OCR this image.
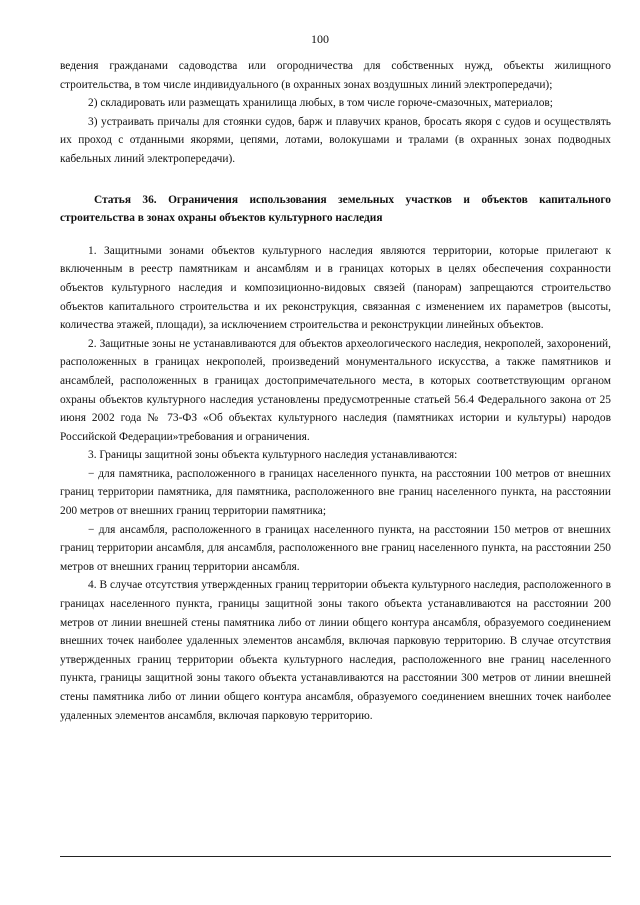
100

ведения гражданами садоводства или огородничества для собственных нужд, объекты жилищного строительства, в том числе индивидуального (в охранных зонах воздушных линий электропередачи);

2) складировать или размещать хранилища любых, в том числе горюче-смазочных, материалов;

3) устраивать причалы для стоянки судов, барж и плавучих кранов, бросать якоря с судов и осуществлять их проход с отданными якорями, цепями, лотами, волокушами и тралами (в охранных зонах подводных кабельных линий электропередачи).

Статья 36. Ограничения использования земельных участков и объектов капитального строительства в зонах охраны объектов культурного наследия

1. Защитными зонами объектов культурного наследия являются территории, которые прилегают к включенным в реестр памятникам и ансамблям и в границах которых в целях обеспечения сохранности объектов культурного наследия и композиционно-видовых связей (панорам) запрещаются строительство объектов капитального строительства и их реконструкция, связанная с изменением их параметров (высоты, количества этажей, площади), за исключением строительства и реконструкции линейных объектов.

2. Защитные зоны не устанавливаются для объектов археологического наследия, некрополей, захоронений, расположенных в границах некрополей, произведений монументального искусства, а также памятников и ансамблей, расположенных в границах достопримечательного места, в которых соответствующим органом охраны объектов культурного наследия установлены предусмотренные статьей 56.4 Федерального закона от 25 июня 2002 года № 73-ФЗ «Об объектах культурного наследия (памятниках истории и культуры) народов Российской Федерации»требования и ограничения.

3. Границы защитной зоны объекта культурного наследия устанавливаются:

− для памятника, расположенного в границах населенного пункта, на расстоянии 100 метров от внешних границ территории памятника, для памятника, расположенного вне границ населенного пункта, на расстоянии 200 метров от внешних границ территории памятника;

− для ансамбля, расположенного в границах населенного пункта, на расстоянии 150 метров от внешних границ территории ансамбля, для ансамбля, расположенного вне границ населенного пункта, на расстоянии 250 метров от внешних границ территории ансамбля.

4. В случае отсутствия утвержденных границ территории объекта культурного наследия, расположенного в границах населенного пункта, границы защитной зоны такого объекта устанавливаются на расстоянии 200 метров от линии внешней стены памятника либо от линии общего контура ансамбля, образуемого соединением внешних точек наиболее удаленных элементов ансамбля, включая парковую территорию. В случае отсутствия утвержденных границ территории объекта культурного наследия, расположенного вне границ населенного пункта, границы защитной зоны такого объекта устанавливаются на расстоянии 300 метров от линии внешней стены памятника либо от линии общего контура ансамбля, образуемого соединением внешних точек наиболее удаленных элементов ансамбля, включая парковую территорию.
